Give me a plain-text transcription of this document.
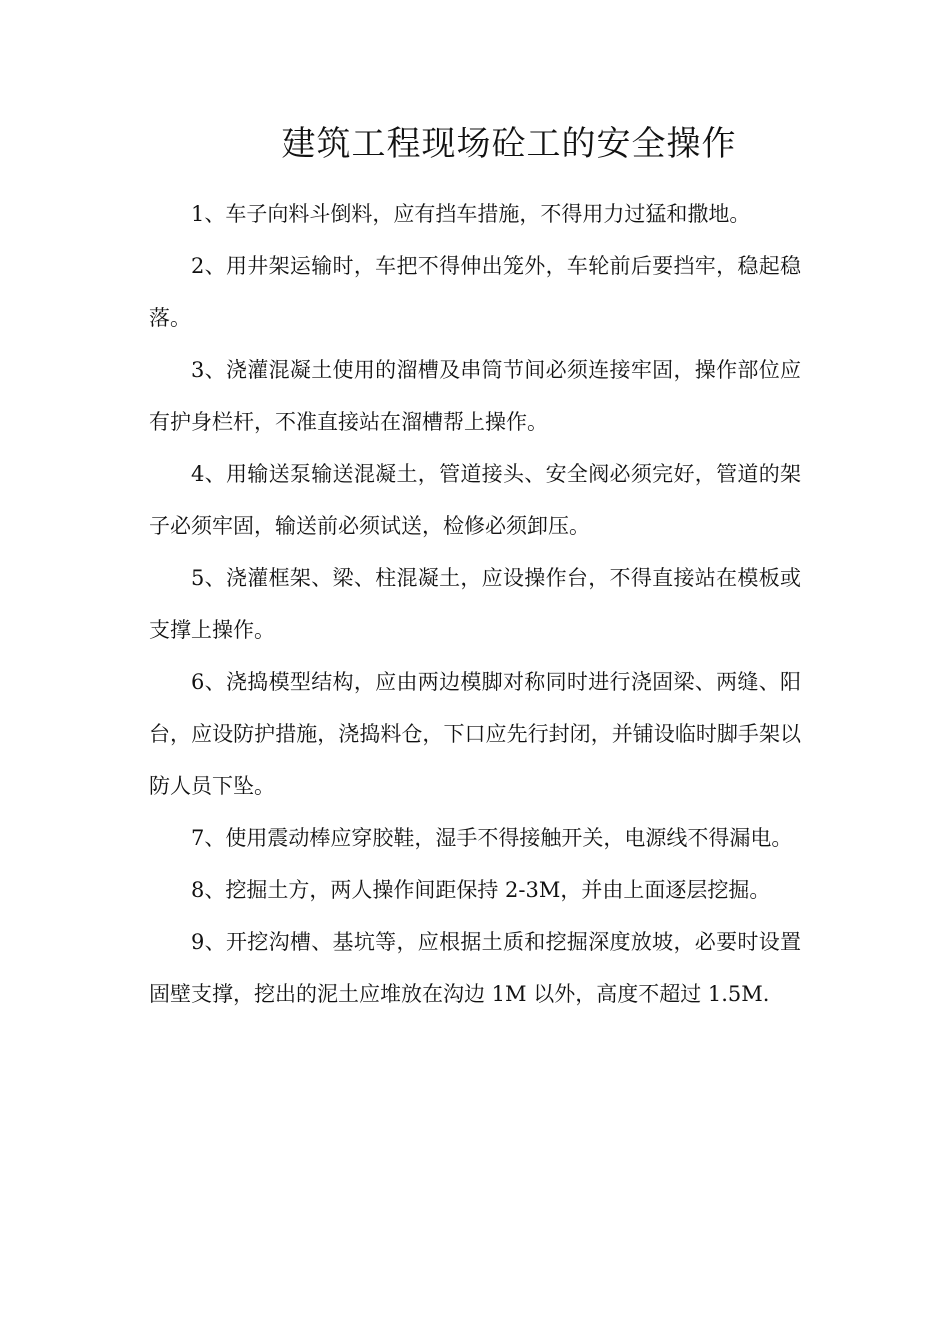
建筑工程现场砼工的安全操作

1、车子向料斗倒料，应有挡车措施，不得用力过猛和撒地。

2、用井架运输时，车把不得伸出笼外，车轮前后要挡牢，稳起稳落。

3、浇灌混凝土使用的溜槽及串筒节间必须连接牢固，操作部位应有护身栏杆，不准直接站在溜槽帮上操作。

4、用输送泵输送混凝土，管道接头、安全阀必须完好，管道的架子必须牢固，输送前必须试送，检修必须卸压。

5、浇灌框架、梁、柱混凝土，应设操作台，不得直接站在模板或支撑上操作。

6、浇捣模型结构，应由两边模脚对称同时进行浇固梁、两缝、阳台，应设防护措施，浇捣料仓，下口应先行封闭，并铺设临时脚手架以防人员下坠。

7、使用震动棒应穿胶鞋，湿手不得接触开关，电源线不得漏电。

8、挖掘土方，两人操作间距保持 2-3M，并由上面逐层挖掘。

9、开挖沟槽、基坑等，应根据土质和挖掘深度放坡，必要时设置固壁支撑，挖出的泥土应堆放在沟边 1M 以外，高度不超过 1.5M.
